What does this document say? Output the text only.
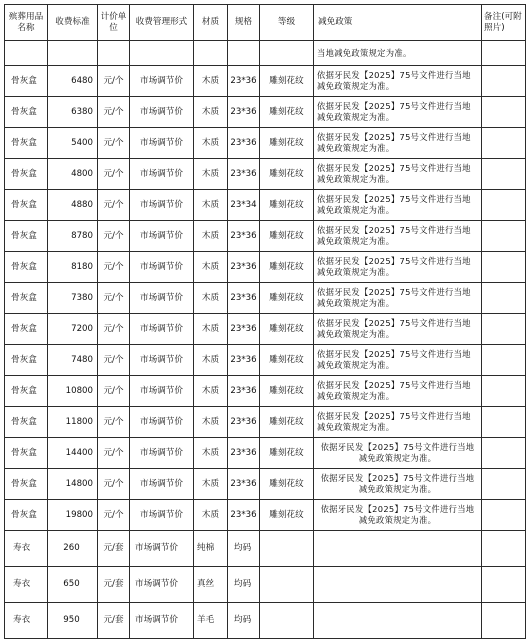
殡葬用品名称	收费标准	计价单位	收费管理形式	材质	规格	等级	减免政策	备注(可附照片)
							当地减免政策规定为准。	
骨灰盒	6480	元/个	市场调节价	木质	23*36	雕刻花纹	依据牙民发【2025】75号文件进行当地减免政策规定为准。	
骨灰盒	6380	元/个	市场调节价	木质	23*36	雕刻花纹	依据牙民发【2025】75号文件进行当地减免政策规定为准。	
骨灰盒	5400	元/个	市场调节价	木质	23*36	雕刻花纹	依据牙民发【2025】75号文件进行当地减免政策规定为准。	
骨灰盒	4800	元/个	市场调节价	木质	23*36	雕刻花纹	依据牙民发【2025】75号文件进行当地减免政策规定为准。	
骨灰盒	4880	元/个	市场调节价	木质	23*34	雕刻花纹	依据牙民发【2025】75号文件进行当地减免政策规定为准。	
骨灰盒	8780	元/个	市场调节价	木质	23*36	雕刻花纹	依据牙民发【2025】75号文件进行当地减免政策规定为准。	
骨灰盒	8180	元/个	市场调节价	木质	23*36	雕刻花纹	依据牙民发【2025】75号文件进行当地减免政策规定为准。	
骨灰盒	7380	元/个	市场调节价	木质	23*36	雕刻花纹	依据牙民发【2025】75号文件进行当地减免政策规定为准。	
骨灰盒	7200	元/个	市场调节价	木质	23*36	雕刻花纹	依据牙民发【2025】75号文件进行当地减免政策规定为准。	
骨灰盒	7480	元/个	市场调节价	木质	23*36	雕刻花纹	依据牙民发【2025】75号文件进行当地减免政策规定为准。	
骨灰盒	10800	元/个	市场调节价	木质	23*36	雕刻花纹	依据牙民发【2025】75号文件进行当地减免政策规定为准。	
骨灰盒	11800	元/个	市场调节价	木质	23*36	雕刻花纹	依据牙民发【2025】75号文件进行当地减免政策规定为准。	
骨灰盒	14400	元/个	市场调节价	木质	23*36	雕刻花纹	依据牙民发【2025】75号文件进行当地减免政策规定为准。	
骨灰盒	14800	元/个	市场调节价	木质	23*36	雕刻花纹	依据牙民发【2025】75号文件进行当地减免政策规定为准。	
骨灰盒	19800	元/个	市场调节价	木质	23*36	雕刻花纹	依据牙民发【2025】75号文件进行当地减免政策规定为准。	
寿衣	260	元/套	市场调节价	纯棉	均码			
寿衣	650	元/套	市场调节价	真丝	均码			
寿衣	950	元/套	市场调节价	羊毛	均码			
